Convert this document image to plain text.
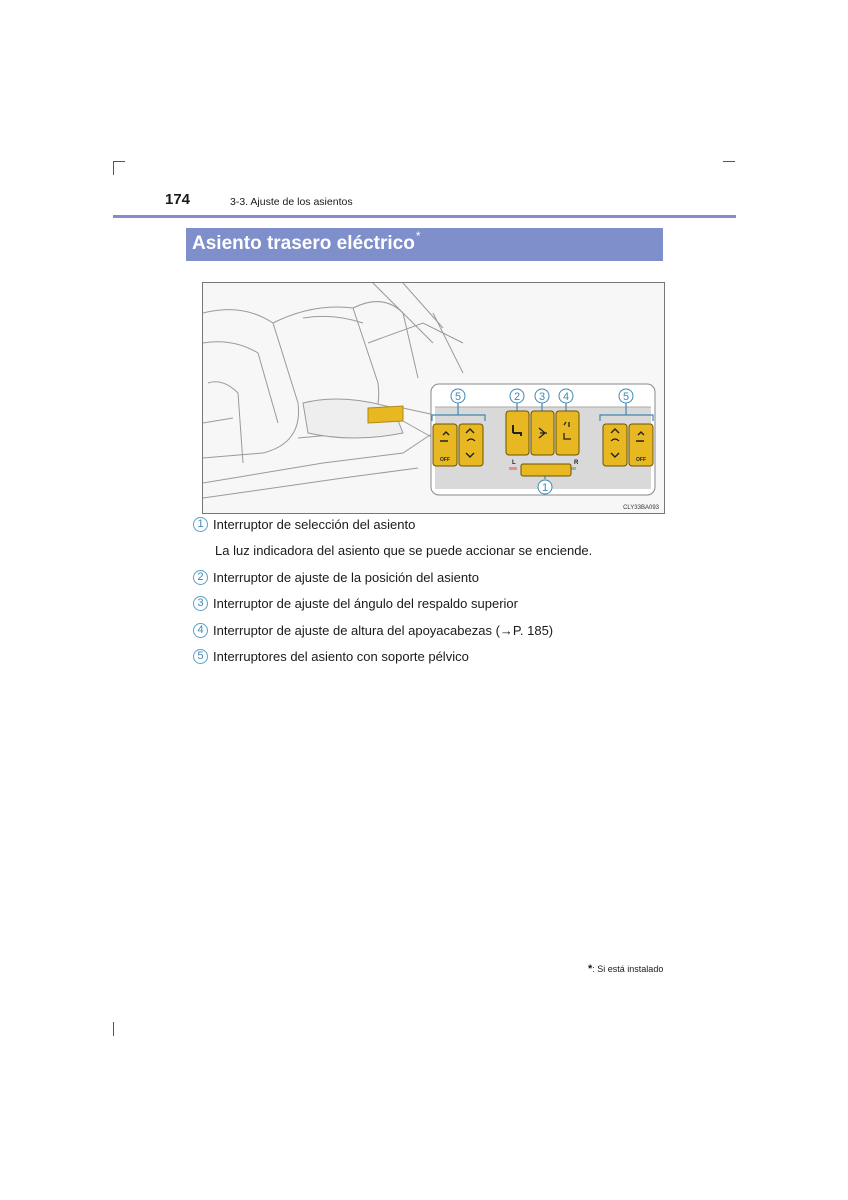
174	3-3. Ajuste de los asientos
Asiento trasero eléctrico*
5	2 3 4	5
1
OFF	L	R	OFF
CLY33BA093
1 Interruptor de selección del asiento
La luz indicadora del asiento que se puede accionar se enciende.
2 Interruptor de ajuste de la posición del asiento
3 Interruptor de ajuste del ángulo del respaldo superior
4 Interruptor de ajuste de altura del apoyacabezas (→P. 185)
5 Interruptores del asiento con soporte pélvico
*: Si está instalado
